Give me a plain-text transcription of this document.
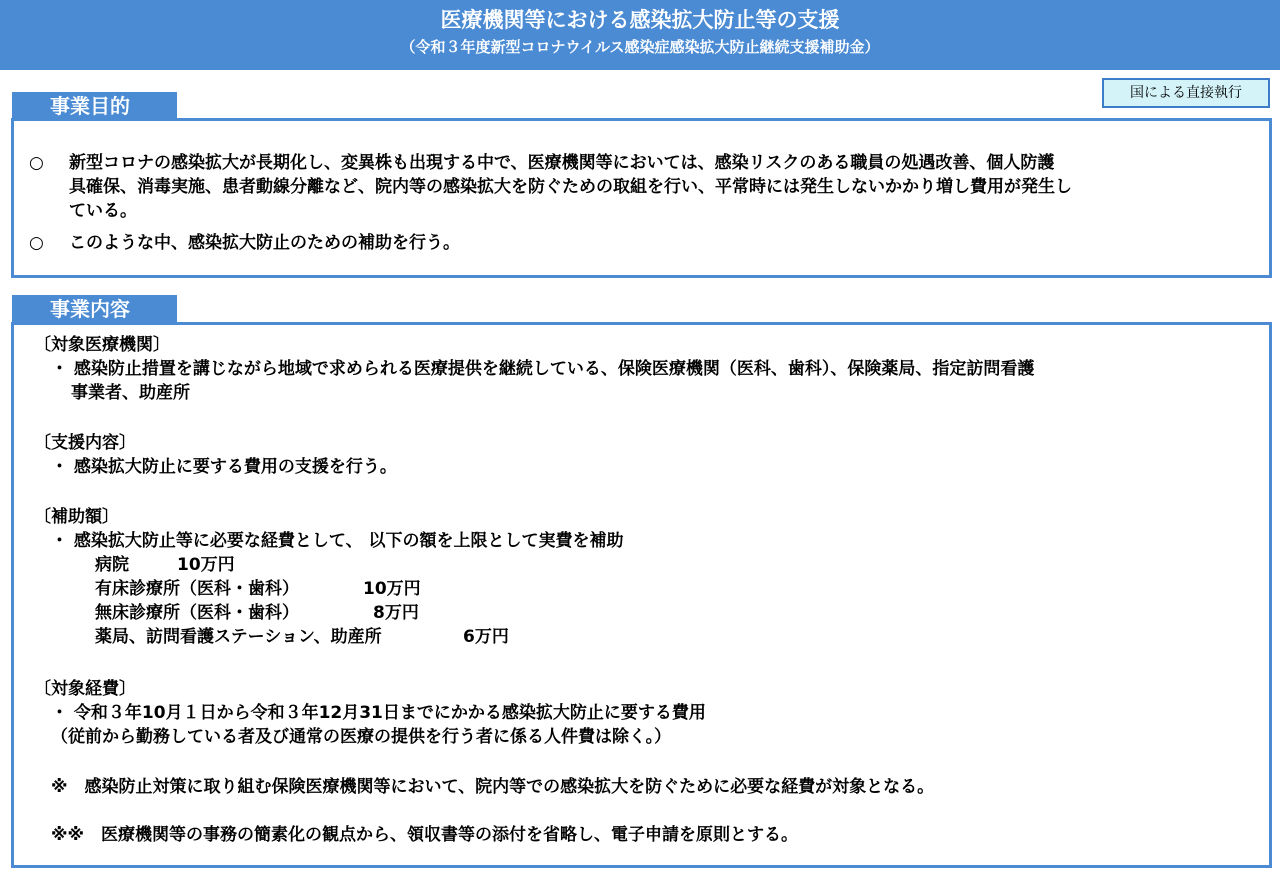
医療機関等における感染拡大防止等の支援
（令和３年度新型コロナウイルス感染症感染拡大防止継続支援補助金）
国による直接執行
○ 新型コロナの感染拡大が長期化し、変異株も出現する中で、医療機関等においては、感染リスクのある職員の処遇改善、個人防護
具確保、消毒実施、患者動線分離など、院内等の感染拡大を防ぐための取組を行い、平常時には発生しないかかり増し費用が発生し
ている。
○ このような中、感染拡大防止のための補助を行う。
事業目的
〔対象医療機関〕
・ 感染防止措置を講じながら地域で求められる医療提供を継続している、保険医療機関（医科、歯科）、保険薬局、指定訪問看護
事業者、助産所
〔支援内容〕
・ 感染拡大防止に要する費用の支援を行う。
〔補助額〕
・ 感染拡大防止等に必要な経費として、 以下の額を上限として実費を補助
病院	10万円
有床診療所（医科・歯科）	10万円
無床診療所（医科・歯科）	8万円
薬局、訪問看護ステーション、助産所	6万円
〔対象経費〕
・ 令和３年10月１日から令和３年12月31日までにかかる感染拡大防止に要する費用
（従前から勤務している者及び通常の医療の提供を行う者に係る人件費は除く。）
※　感染防止対策に取り組む保険医療機関等において、院内等での感染拡大を防ぐために必要な経費が対象となる。
※※　医療機関等の事務の簡素化の観点から、領収書等の添付を省略し、電子申請を原則とする。
事業内容
